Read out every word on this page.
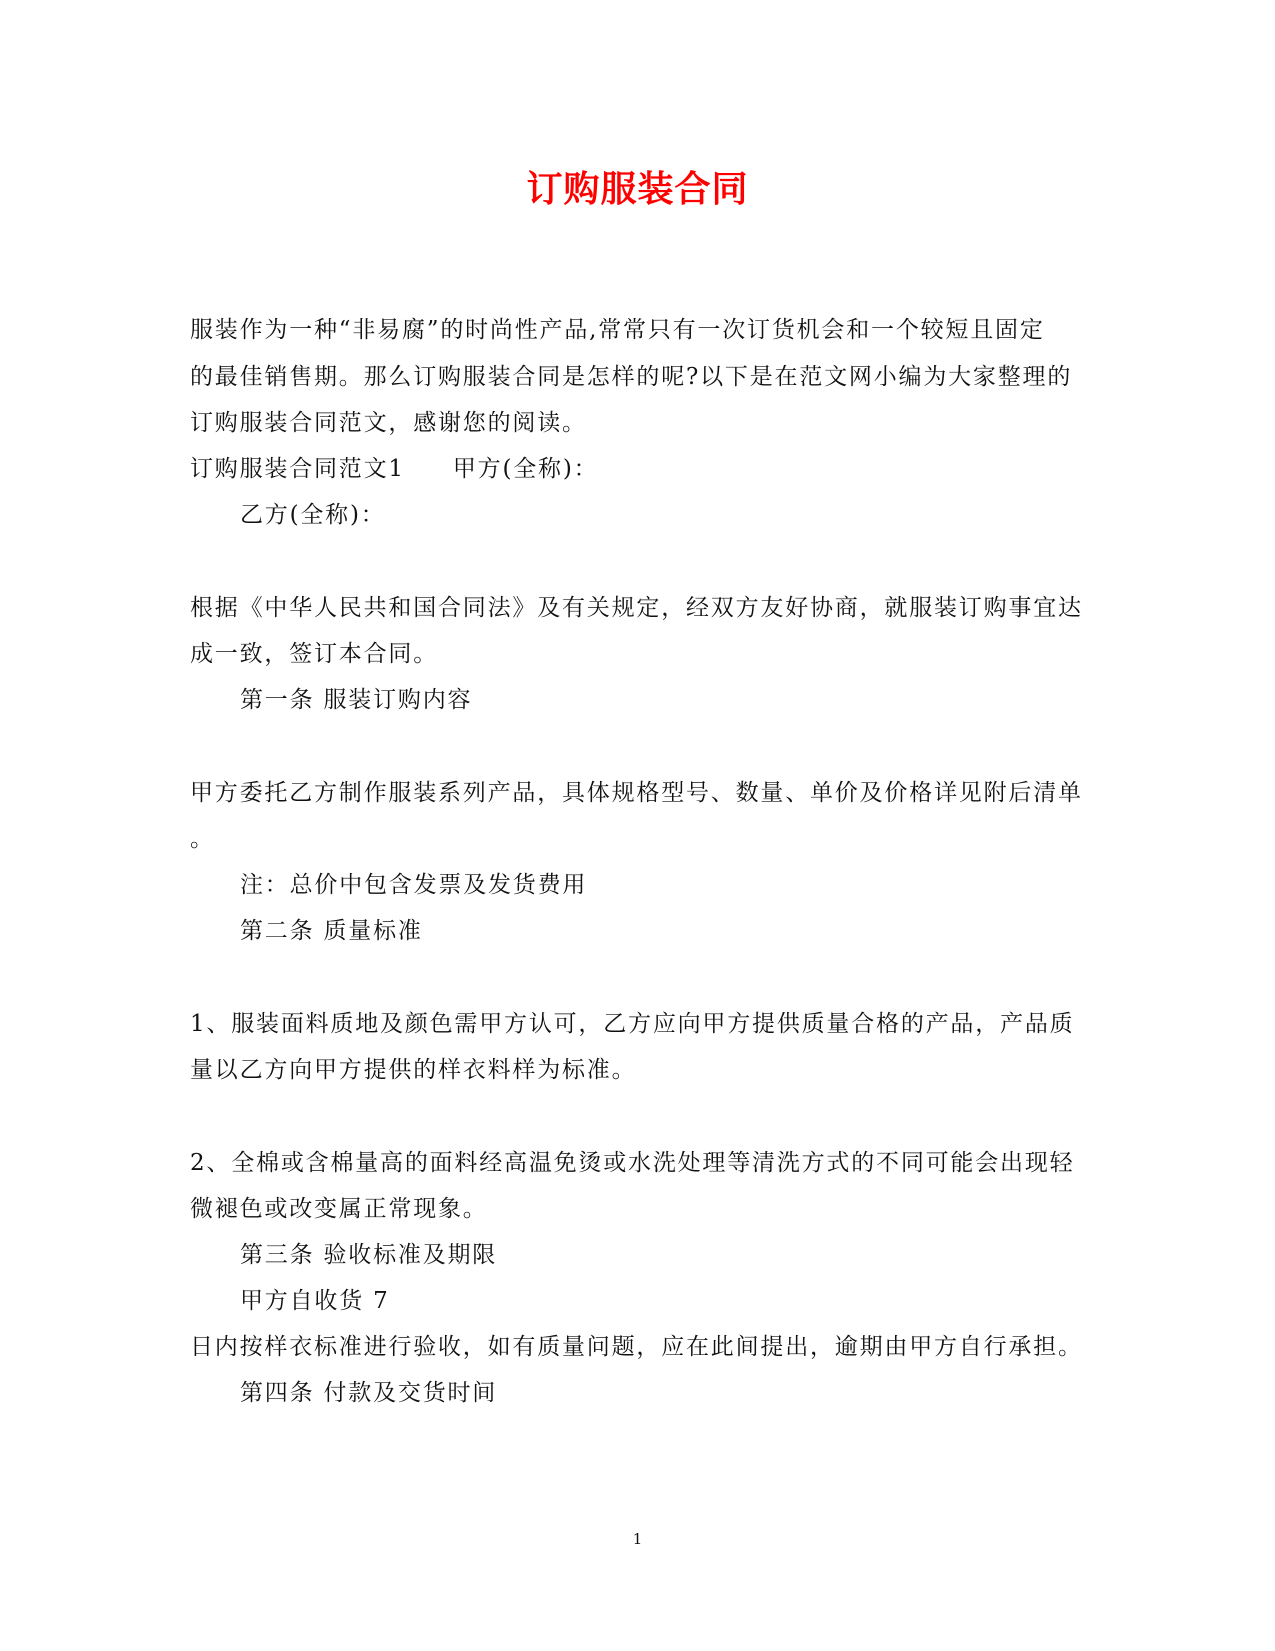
订购服装合同
服装作为一种“非易腐”的时尚性产品,常常只有一次订货机会和一个较短且固定
的最佳销售期。那么订购服装合同是怎样的呢?以下是在范文网小编为大家整理的
订购服装合同范文，感谢您的阅读。
订购服装合同范文1 甲方(全称)：
乙方(全称)：
根据《中华人民共和国合同法》及有关规定，经双方友好协商，就服装订购事宜达
成一致，签订本合同。
第一条 服装订购内容
甲方委托乙方制作服装系列产品，具体规格型号、数量、单价及价格详见附后清单
。
注：总价中包含发票及发货费用
第二条 质量标准
1、服装面料质地及颜色需甲方认可，乙方应向甲方提供质量合格的产品，产品质
量以乙方向甲方提供的样衣料样为标准。
2、全棉或含棉量高的面料经高温免烫或水洗处理等清洗方式的不同可能会出现轻
微褪色或改变属正常现象。
第三条 验收标准及期限
甲方自收货 7
日内按样衣标准进行验收，如有质量问题，应在此间提出，逾期由甲方自行承担。
第四条 付款及交货时间
1
